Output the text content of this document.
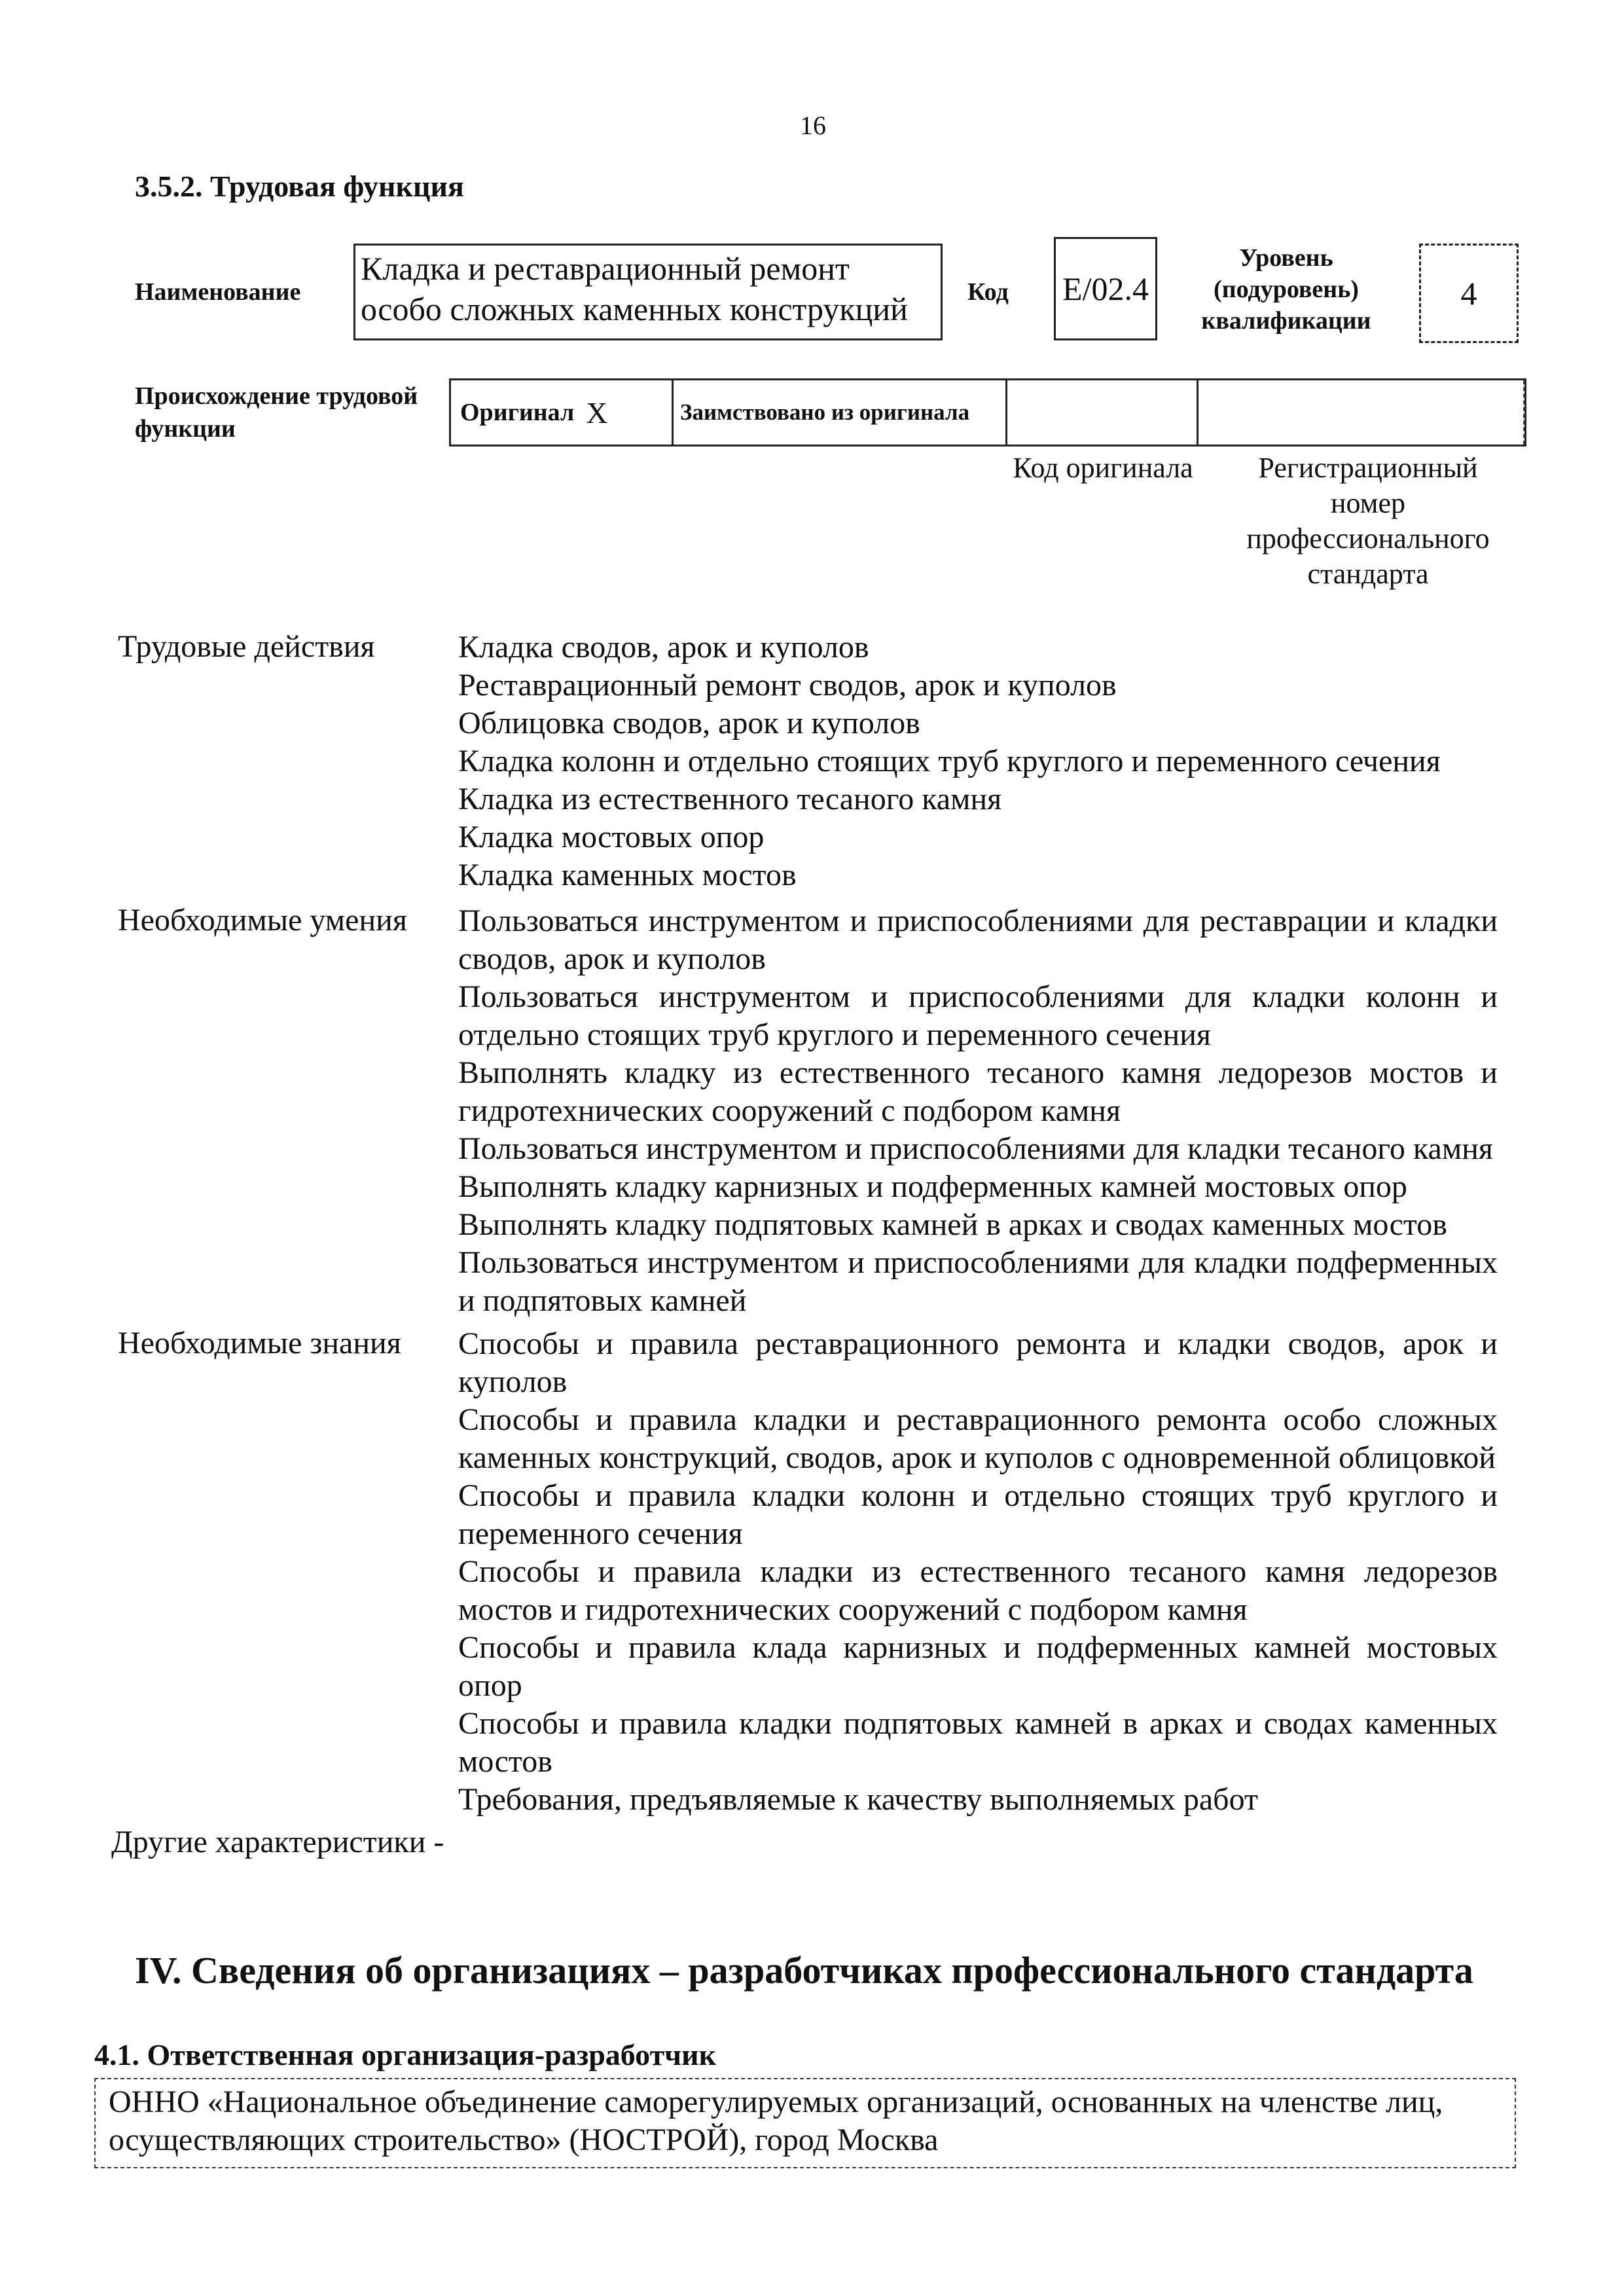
16
3.5.2. Трудовая функция
Наименование
Кладка и реставрационный ремонт особо сложных каменных конструкций	Код E/02.4
Уровень (подуровень) квалификации
4
Происхождение трудовой функции
Оригинал X	Заимствовано из оригинала
Код оригинала	Регистрационный номер профессионального стандарта
Трудовые действия	Кладка сводов, арок и куполов
Реставрационный ремонт сводов, арок и куполов
Облицовка сводов, арок и куполов
Кладка колонн и отдельно стоящих труб круглого и переменного сечения
Кладка из естественного тесаного камня
Кладка мостовых опор
Кладка каменных мостов
Необходимые умения	Пользоваться инструментом и приспособлениями для реставрации и кладки сводов, арок и куполов
Пользоваться инструментом и приспособлениями для кладки колонн и отдельно стоящих труб круглого и переменного сечения
Выполнять кладку из естественного тесаного камня ледорезов мостов и гидротехнических сооружений с подбором камня
Пользоваться инструментом и приспособлениями для кладки тесаного камня
Выполнять кладку карнизных и подферменных камней мостовых опор
Выполнять кладку подпятовых камней в арках и сводах каменных мостов
Пользоваться инструментом и приспособлениями для кладки подферменных и подпятовых камней
Необходимые знания	Способы и правила реставрационного ремонта и кладки сводов, арок и куполов
Способы и правила кладки и реставрационного ремонта особо сложных каменных конструкций, сводов, арок и куполов с одновременной облицовкой
Способы и правила кладки колонн и отдельно стоящих труб круглого и переменного сечения
Способы и правила кладки из естественного тесаного камня ледорезов мостов и гидротехнических сооружений с подбором камня
Способы и правила клада карнизных и подферменных камней мостовых опор
Способы и правила кладки подпятовых камней в арках и сводах каменных мостов
Требования, предъявляемые к качеству выполняемых работ
Другие характеристики -
IV. Сведения об организациях – разработчиках профессионального стандарта
4.1. Ответственная организация-разработчик
ОННО «Национальное объединение саморегулируемых организаций, основанных на членстве лиц, осуществляющих строительство» (НОСТРОЙ), город Москва
